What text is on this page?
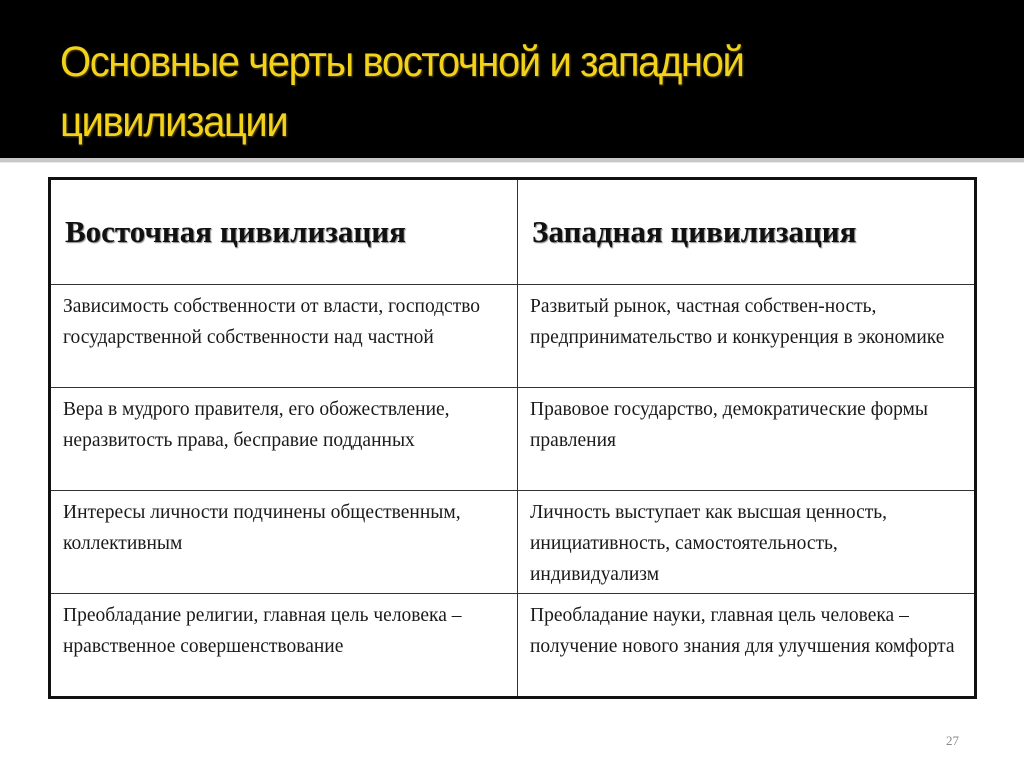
Основные черты восточной и западной цивилизации
Восточная цивилизация	Западная цивилизация
Зависимость собственности от власти, господство государственной собственности над частной	Развитый рынок, частная собствен-ность, предпринимательство и конкуренция в экономике
Вера в мудрого правителя, его обожествление, неразвитость права, бесправие подданных	Правовое государство, демократические формы правления
Интересы личности подчинены общественным, коллективным	Личность выступает как высшая ценность, инициативность, самостоятельность, индивидуализм
Преобладание религии, главная цель человека – нравственное совершенствование	Преобладание науки, главная цель человека – получение нового знания для улучшения комфорта
27
